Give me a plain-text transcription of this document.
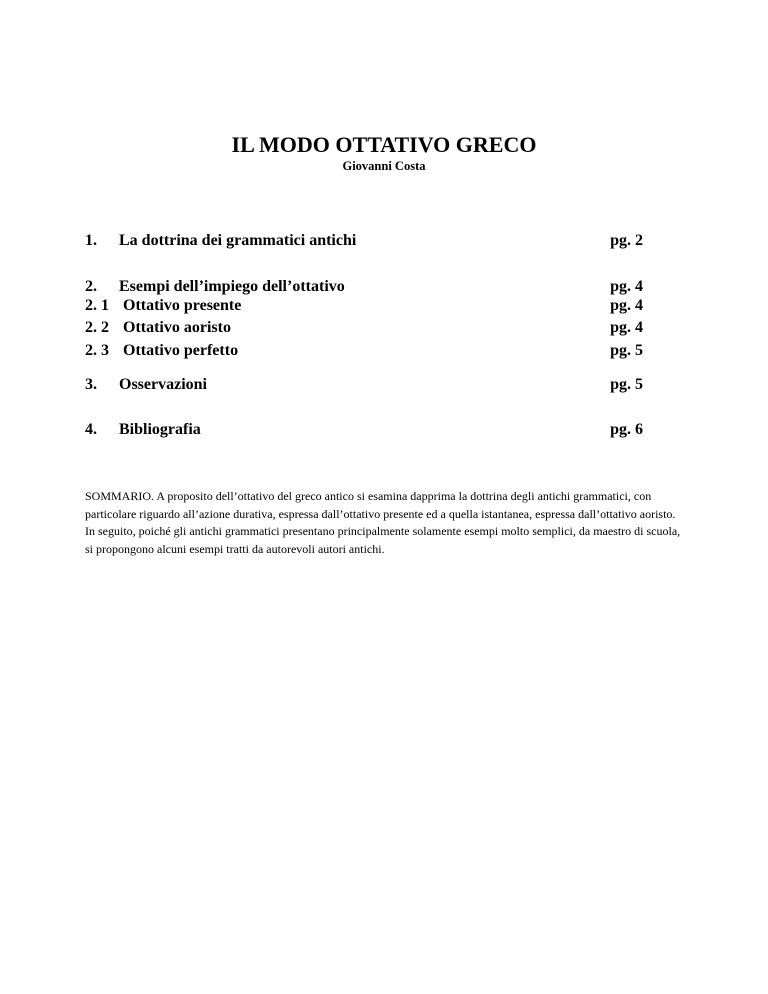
IL MODO OTTATIVO GRECO
Giovanni Costa
1. La dottrina dei grammatici antichi	pg. 2
2. Esempi dell’impiego dell’ottativo	pg. 4
2. 1 Ottativo presente	pg. 4
2. 2 Ottativo aoristo	pg. 4
2. 3 Ottativo perfetto	pg. 5
3. Osservazioni	pg. 5
4. Bibliografia	pg. 6
SOMMARIO. A proposito dell’ottativo del greco antico si esamina dapprima la dottrina degli antichi grammatici, con particolare riguardo all’azione durativa, espressa dall’ottativo presente ed a quella istantanea, espressa dall’ottativo aoristo. In seguito, poiché gli antichi grammatici presentano principalmente solamente esempi molto semplici, da maestro di scuola, si propongono alcuni esempi tratti da autorevoli autori antichi.
